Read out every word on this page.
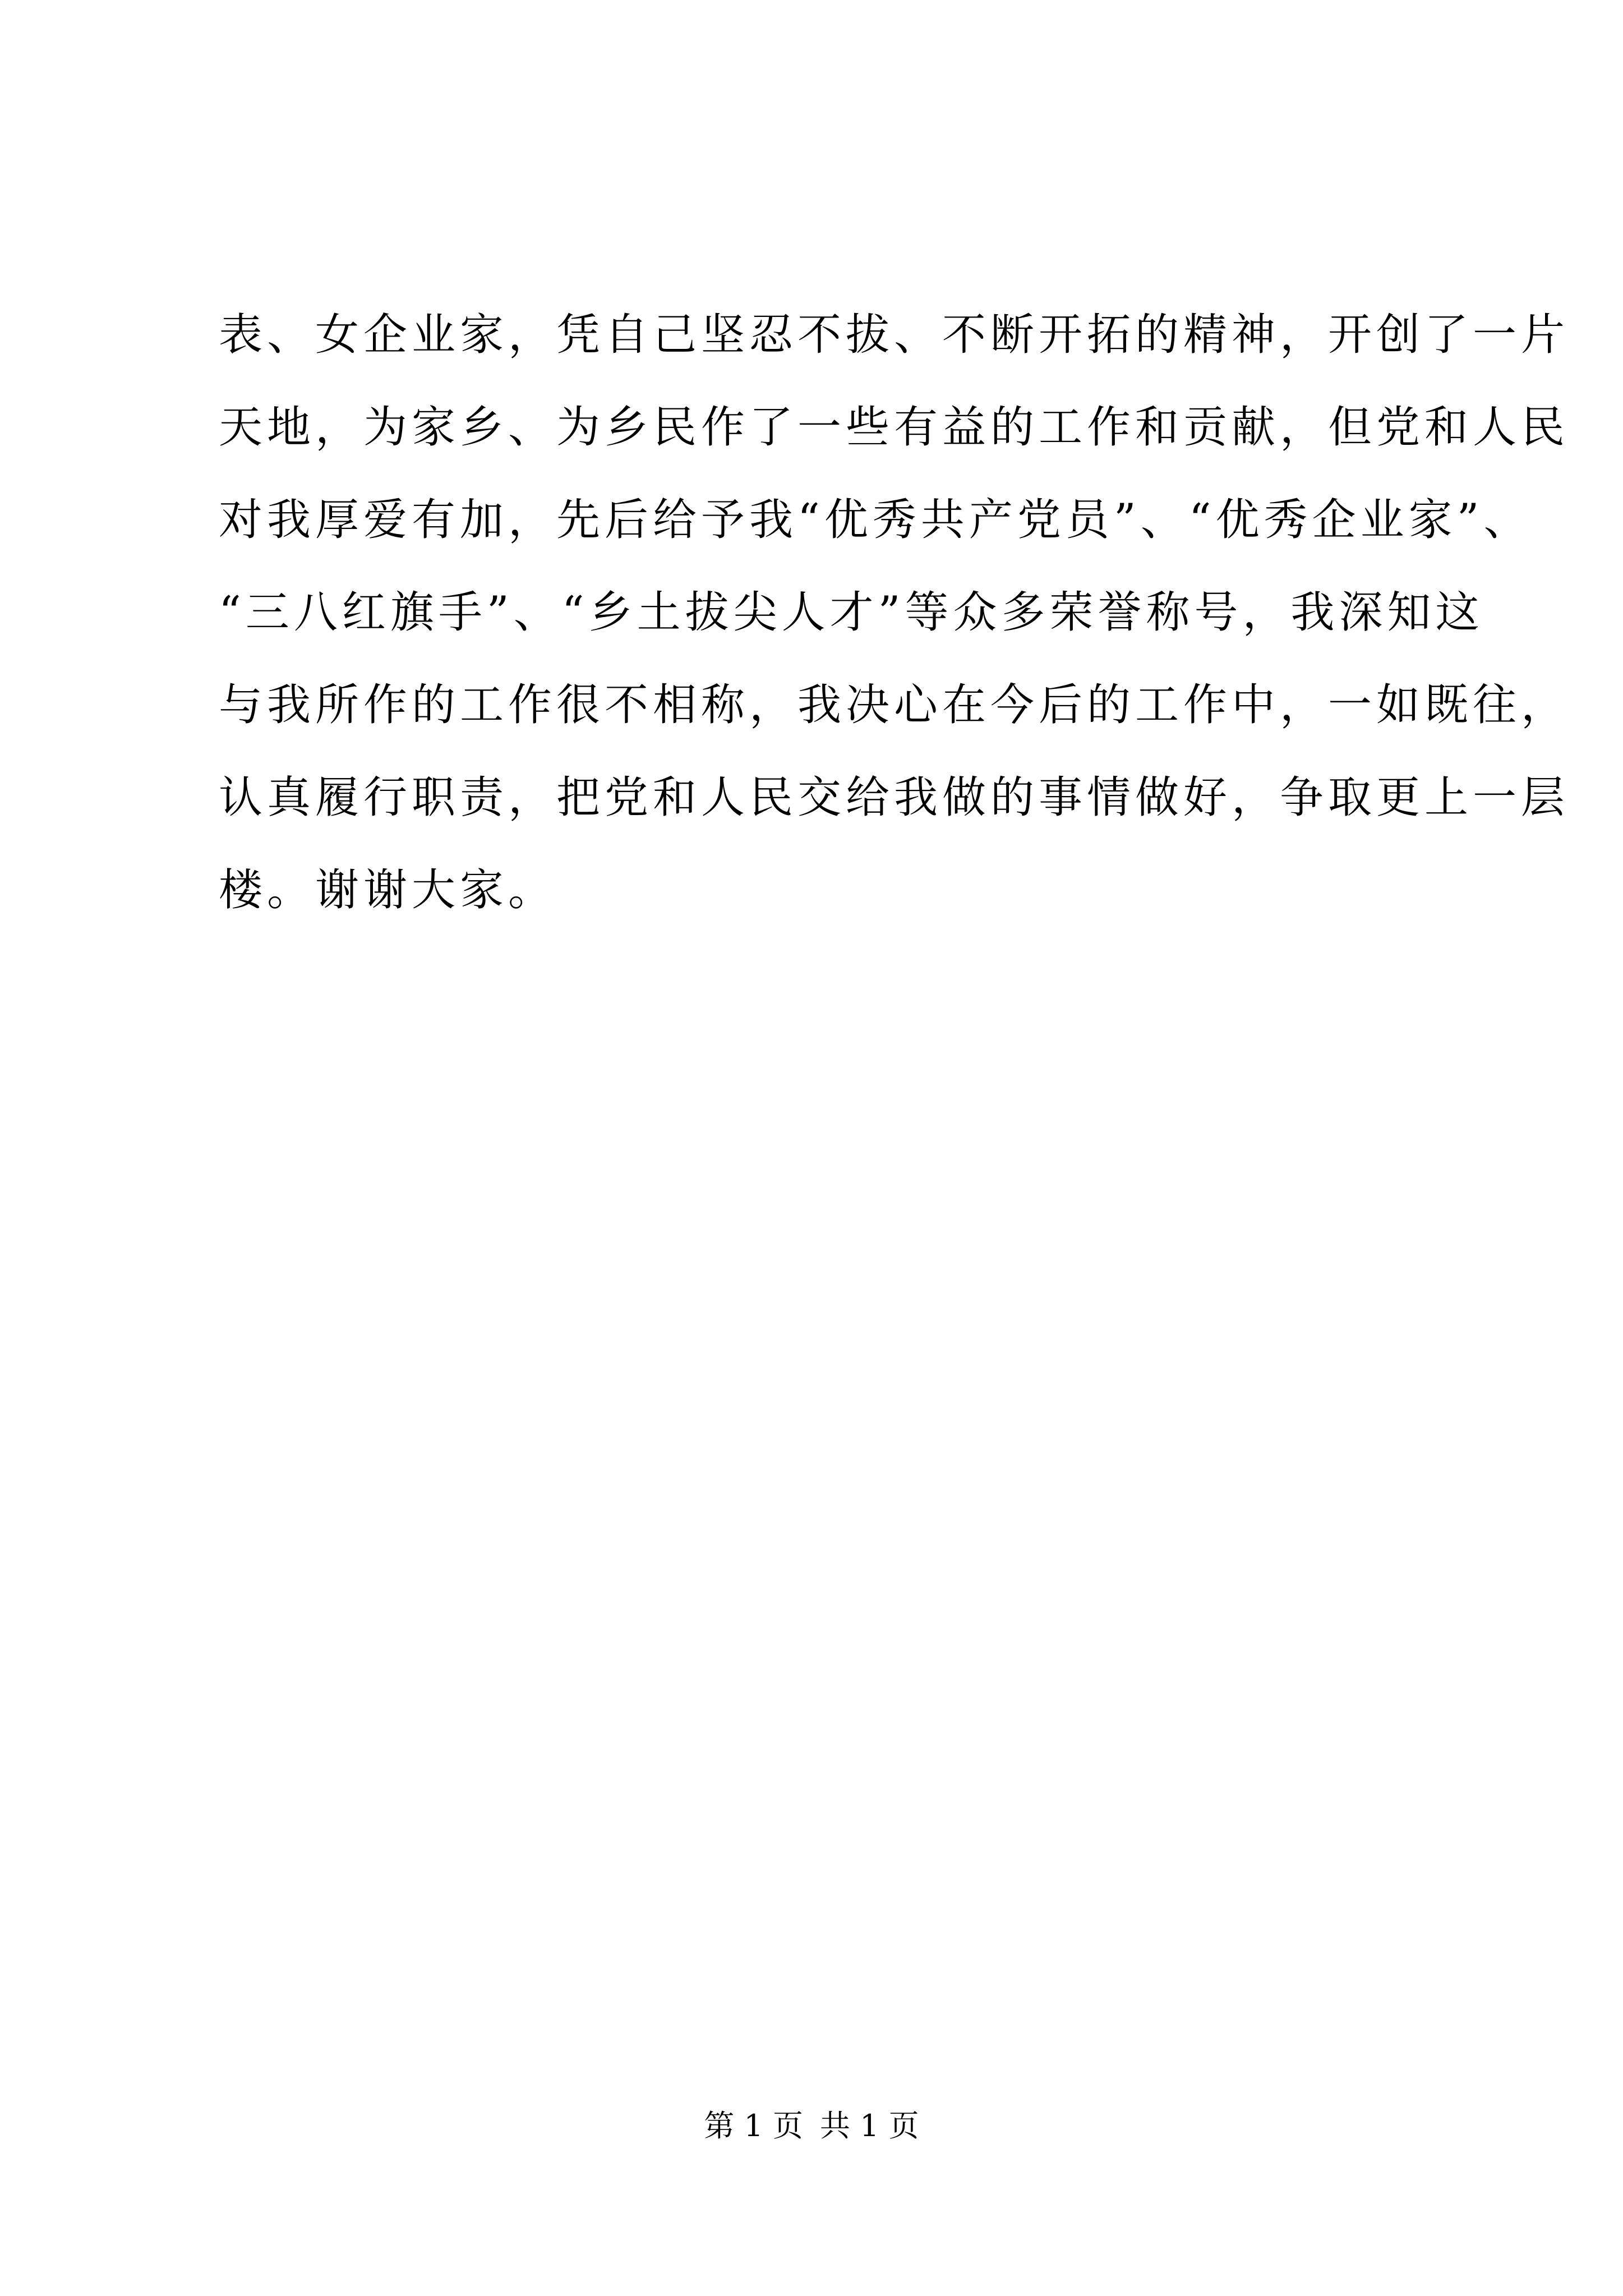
表、女企业家，凭自己坚忍不拔、不断开拓的精神，开创了一片
天地，为家乡、为乡民作了一些有益的工作和贡献，但党和人民
对我厚爱有加，先后给予我“优秀共产党员”、“优秀企业家”、
“三八红旗手”、“乡土拔尖人才”等众多荣誉称号，我深知这
与我所作的工作很不相称，我决心在今后的工作中，一如既往，
认真履行职责，把党和人民交给我做的事情做好，争取更上一层
楼。谢谢大家。
第 1 页 共 1 页
